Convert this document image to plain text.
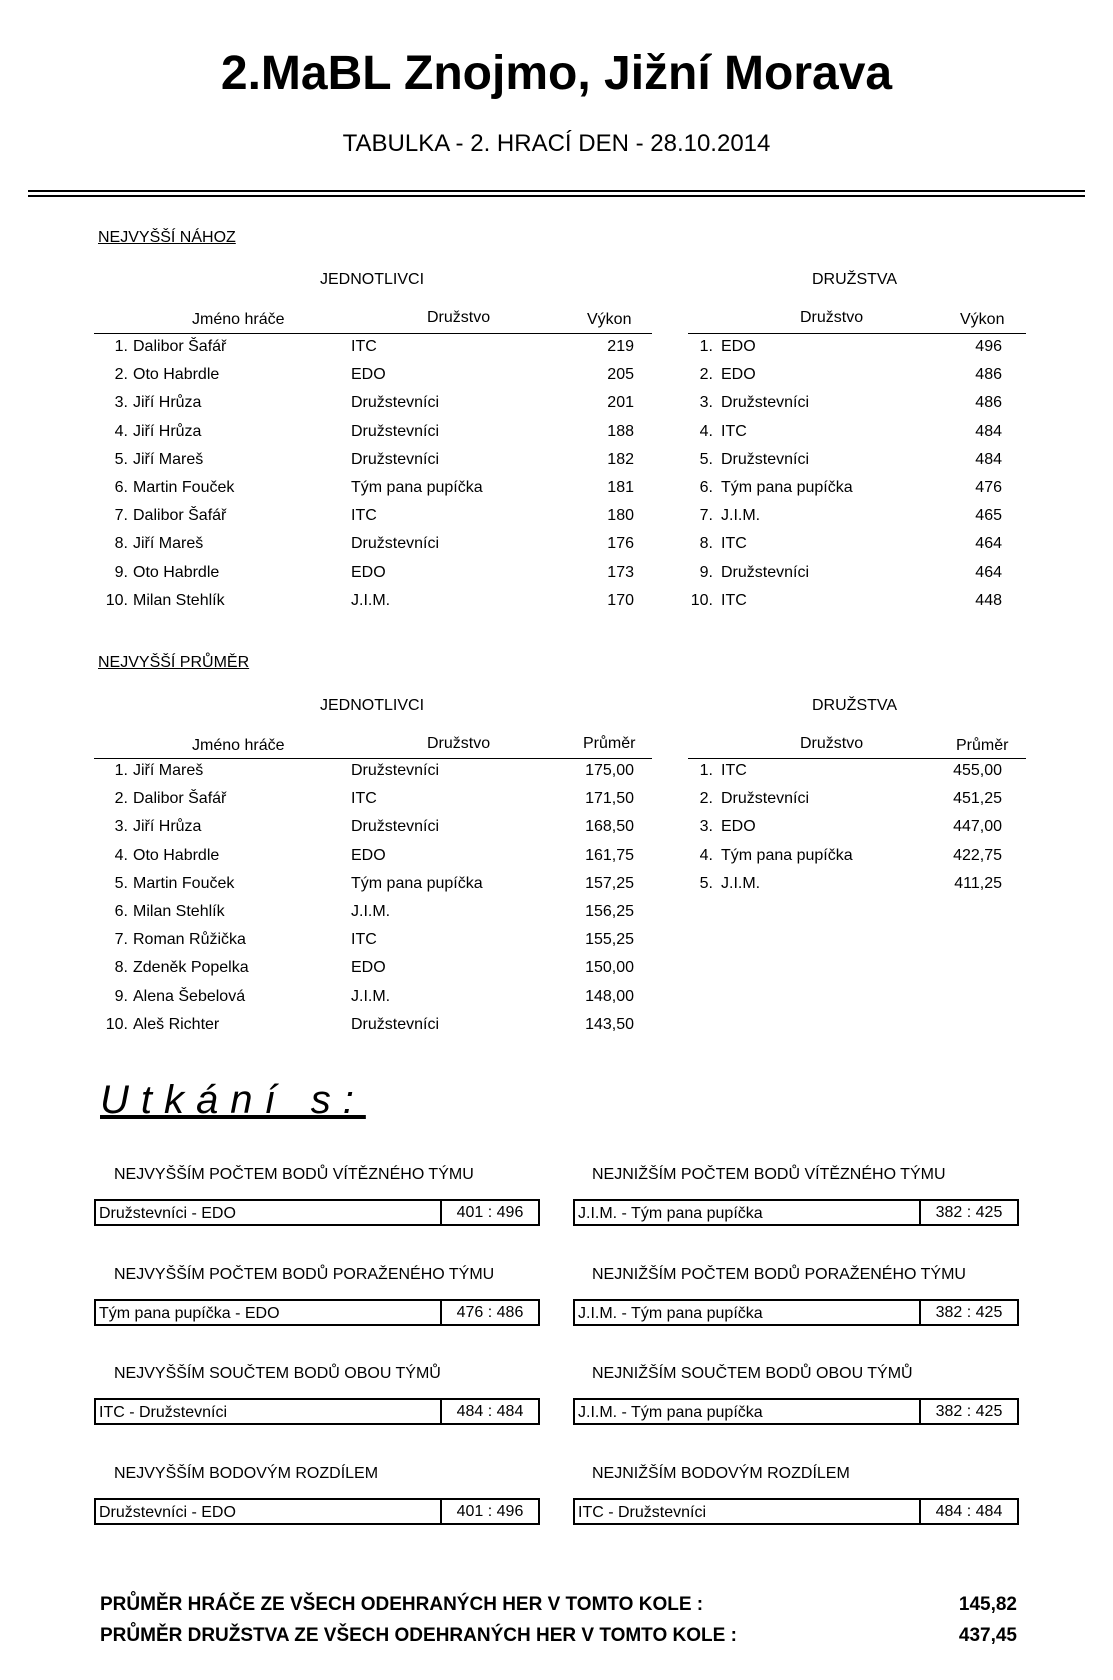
2.MaBL Znojmo, Jižní Morava
TABULKA - 2. HRACÍ DEN - 28.10.2014
NEJVYŠŠÍ NÁHOZ
JEDNOTLIVCI	DRUŽSTVA
Jméno hráče	Družstvo	Výkon	Družstvo	Výkon
1. Dalibor Šafář	ITC	219
2. Oto Habrdle	EDO	205
3. Jiří Hrůza	Družstevníci	201
4. Jiří Hrůza	Družstevníci	188
5. Jiří Mareš	Družstevníci	182
6. Martin Fouček	Tým pana pupíčka	181
7. Dalibor Šafář	ITC	180
8. Jiří Mareš	Družstevníci	176
9. Oto Habrdle	EDO	173
10. Milan Stehlík	J.I.M.	170
1. EDO	496
2. EDO	486
3. Družstevníci	486
4. ITC	484
5. Družstevníci	484
6. Tým pana pupíčka	476
7. J.I.M.	465
8. ITC	464
9. Družstevníci	464
10. ITC	448
NEJVYŠŠÍ PRŮMĚR
JEDNOTLIVCI	DRUŽSTVA
Jméno hráče	Družstvo	Průměr	Družstvo	Průměr
1. Jiří Mareš	Družstevníci	175,00
2. Dalibor Šafář	ITC	171,50
3. Jiří Hrůza	Družstevníci	168,50
4. Oto Habrdle	EDO	161,75
5. Martin Fouček	Tým pana pupíčka	157,25
6. Milan Stehlík	J.I.M.	156,25
7. Roman Růžička	ITC	155,25
8. Zdeněk Popelka	EDO	150,00
9. Alena Šebelová	J.I.M.	148,00
10. Aleš Richter	Družstevníci	143,50
1. ITC	455,00
2. Družstevníci	451,25
3. EDO	447,00
4. Tým pana pupíčka	422,75
5. J.I.M.	411,25
Utkání s:
NEJVYŠŠÍM POČTEM BODŮ VÍTĚZNÉHO TÝMU
Družstevníci - EDO	401 : 496
NEJNIŽŠÍM POČTEM BODŮ VÍTĚZNÉHO TÝMU
J.I.M. - Tým pana pupíčka	382 : 425
NEJVYŠŠÍM POČTEM BODŮ PORAŽENÉHO TÝMU
Tým pana pupíčka - EDO	476 : 486
NEJNIŽŠÍM POČTEM BODŮ PORAŽENÉHO TÝMU
J.I.M. - Tým pana pupíčka	382 : 425
NEJVYŠŠÍM SOUČTEM BODŮ OBOU TÝMŮ
ITC - Družstevníci	484 : 484
NEJNIŽŠÍM SOUČTEM BODŮ OBOU TÝMŮ
J.I.M. - Tým pana pupíčka	382 : 425
NEJVYŠŠÍM BODOVÝM ROZDÍLEM
Družstevníci - EDO	401 : 496
NEJNIŽŠÍM BODOVÝM ROZDÍLEM
ITC - Družstevníci	484 : 484
PRŮMĚR HRÁČE ZE VŠECH ODEHRANÝCH HER V TOMTO KOLE :	145,82
PRŮMĚR DRUŽSTVA ZE VŠECH ODEHRANÝCH HER V TOMTO KOLE :	437,45
